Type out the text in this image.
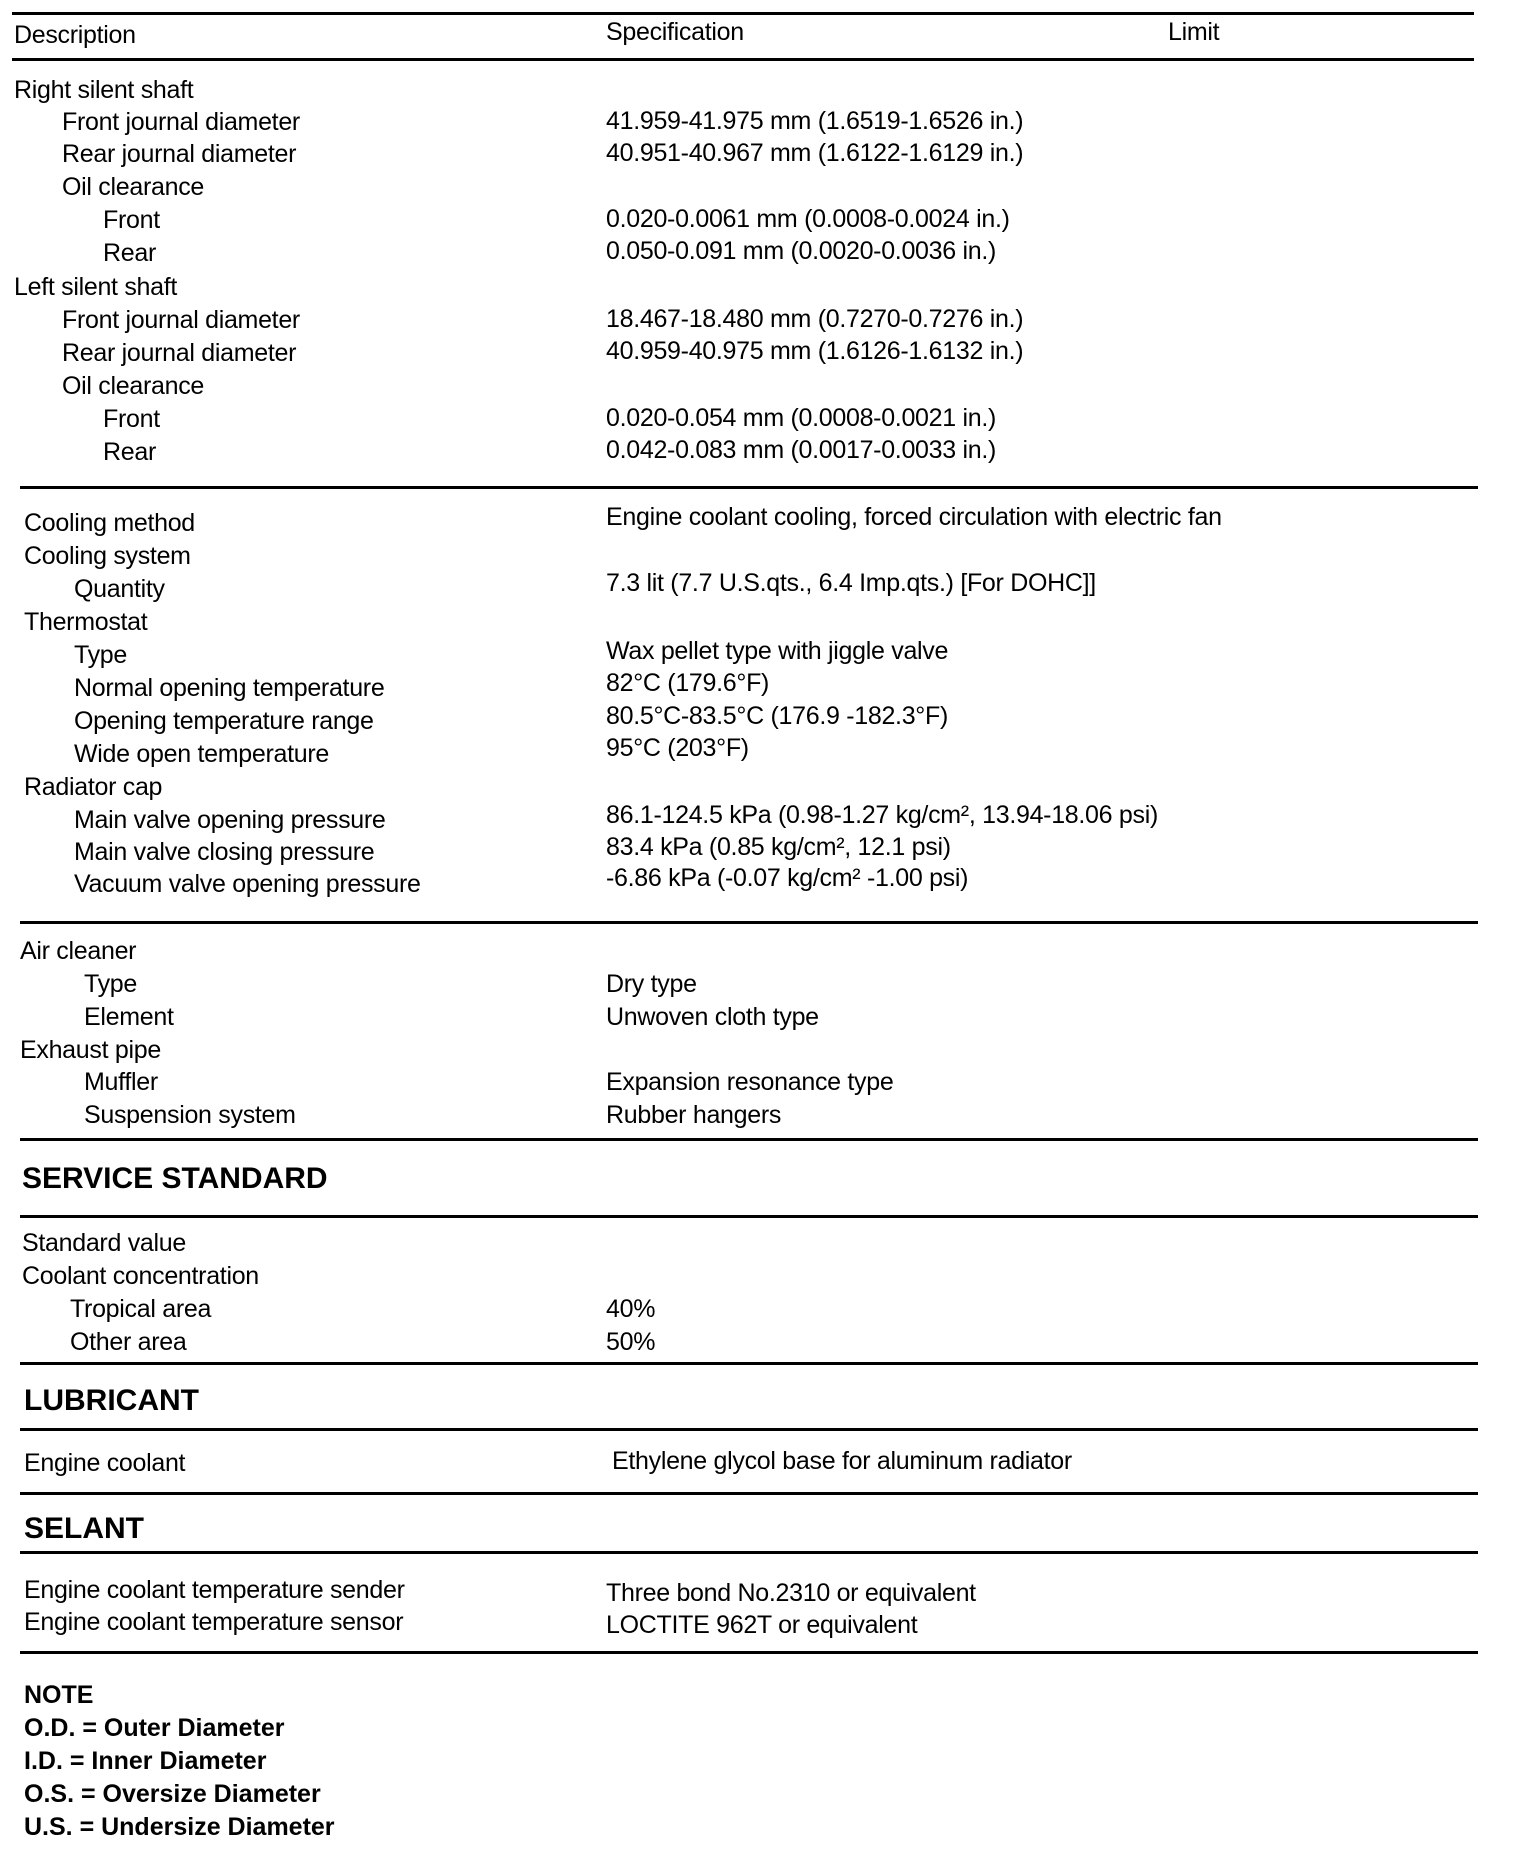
Description	Specification	Limit
Right silent shaft
Front journal diameter	41.959-41.975 mm (1.6519-1.6526 in.)
Rear journal diameter	40.951-40.967 mm (1.6122-1.6129 in.)
Oil clearance
Front	0.020-0.0061 mm (0.0008-0.0024 in.)
Rear	0.050-0.091 mm (0.0020-0.0036 in.)
Left silent shaft
Front journal diameter	18.467-18.480 mm (0.7270-0.7276 in.)
Rear journal diameter	40.959-40.975 mm (1.6126-1.6132 in.)
Oil clearance
Front	0.020-0.054 mm (0.0008-0.0021 in.)
Rear	0.042-0.083 mm (0.0017-0.0033 in.)
Cooling method	Engine coolant cooling, forced circulation with electric fan
Cooling system
Quantity	7.3 lit (7.7 U.S.qts., 6.4 Imp.qts.) [For DOHC]]
Thermostat
Type	Wax pellet type with jiggle valve
Normal opening temperature	82°C (179.6°F)
Opening temperature range	80.5°C-83.5°C (176.9 -182.3°F)
Wide open temperature	95°C (203°F)
Radiator cap
Main valve opening pressure	86.1-124.5 kPa (0.98-1.27 kg/cm², 13.94-18.06 psi)
Main valve closing pressure	83.4 kPa (0.85 kg/cm², 12.1 psi)
Vacuum valve opening pressure	-6.86 kPa (-0.07 kg/cm² -1.00 psi)
Air cleaner
Type	Dry type
Element	Unwoven cloth type
Exhaust pipe
Muffler	Expansion resonance type
Suspension system	Rubber hangers
SERVICE STANDARD
Standard value
Coolant concentration
Tropical area	40%
Other area	50%
LUBRICANT
Engine coolant	Ethylene glycol base for aluminum radiator
SELANT
Engine coolant temperature sender	Three bond No.2310 or equivalent
Engine coolant temperature sensor	LOCTITE 962T or equivalent
NOTE
O.D. = Outer Diameter
I.D. = Inner Diameter
O.S. = Oversize Diameter
U.S. = Undersize Diameter
